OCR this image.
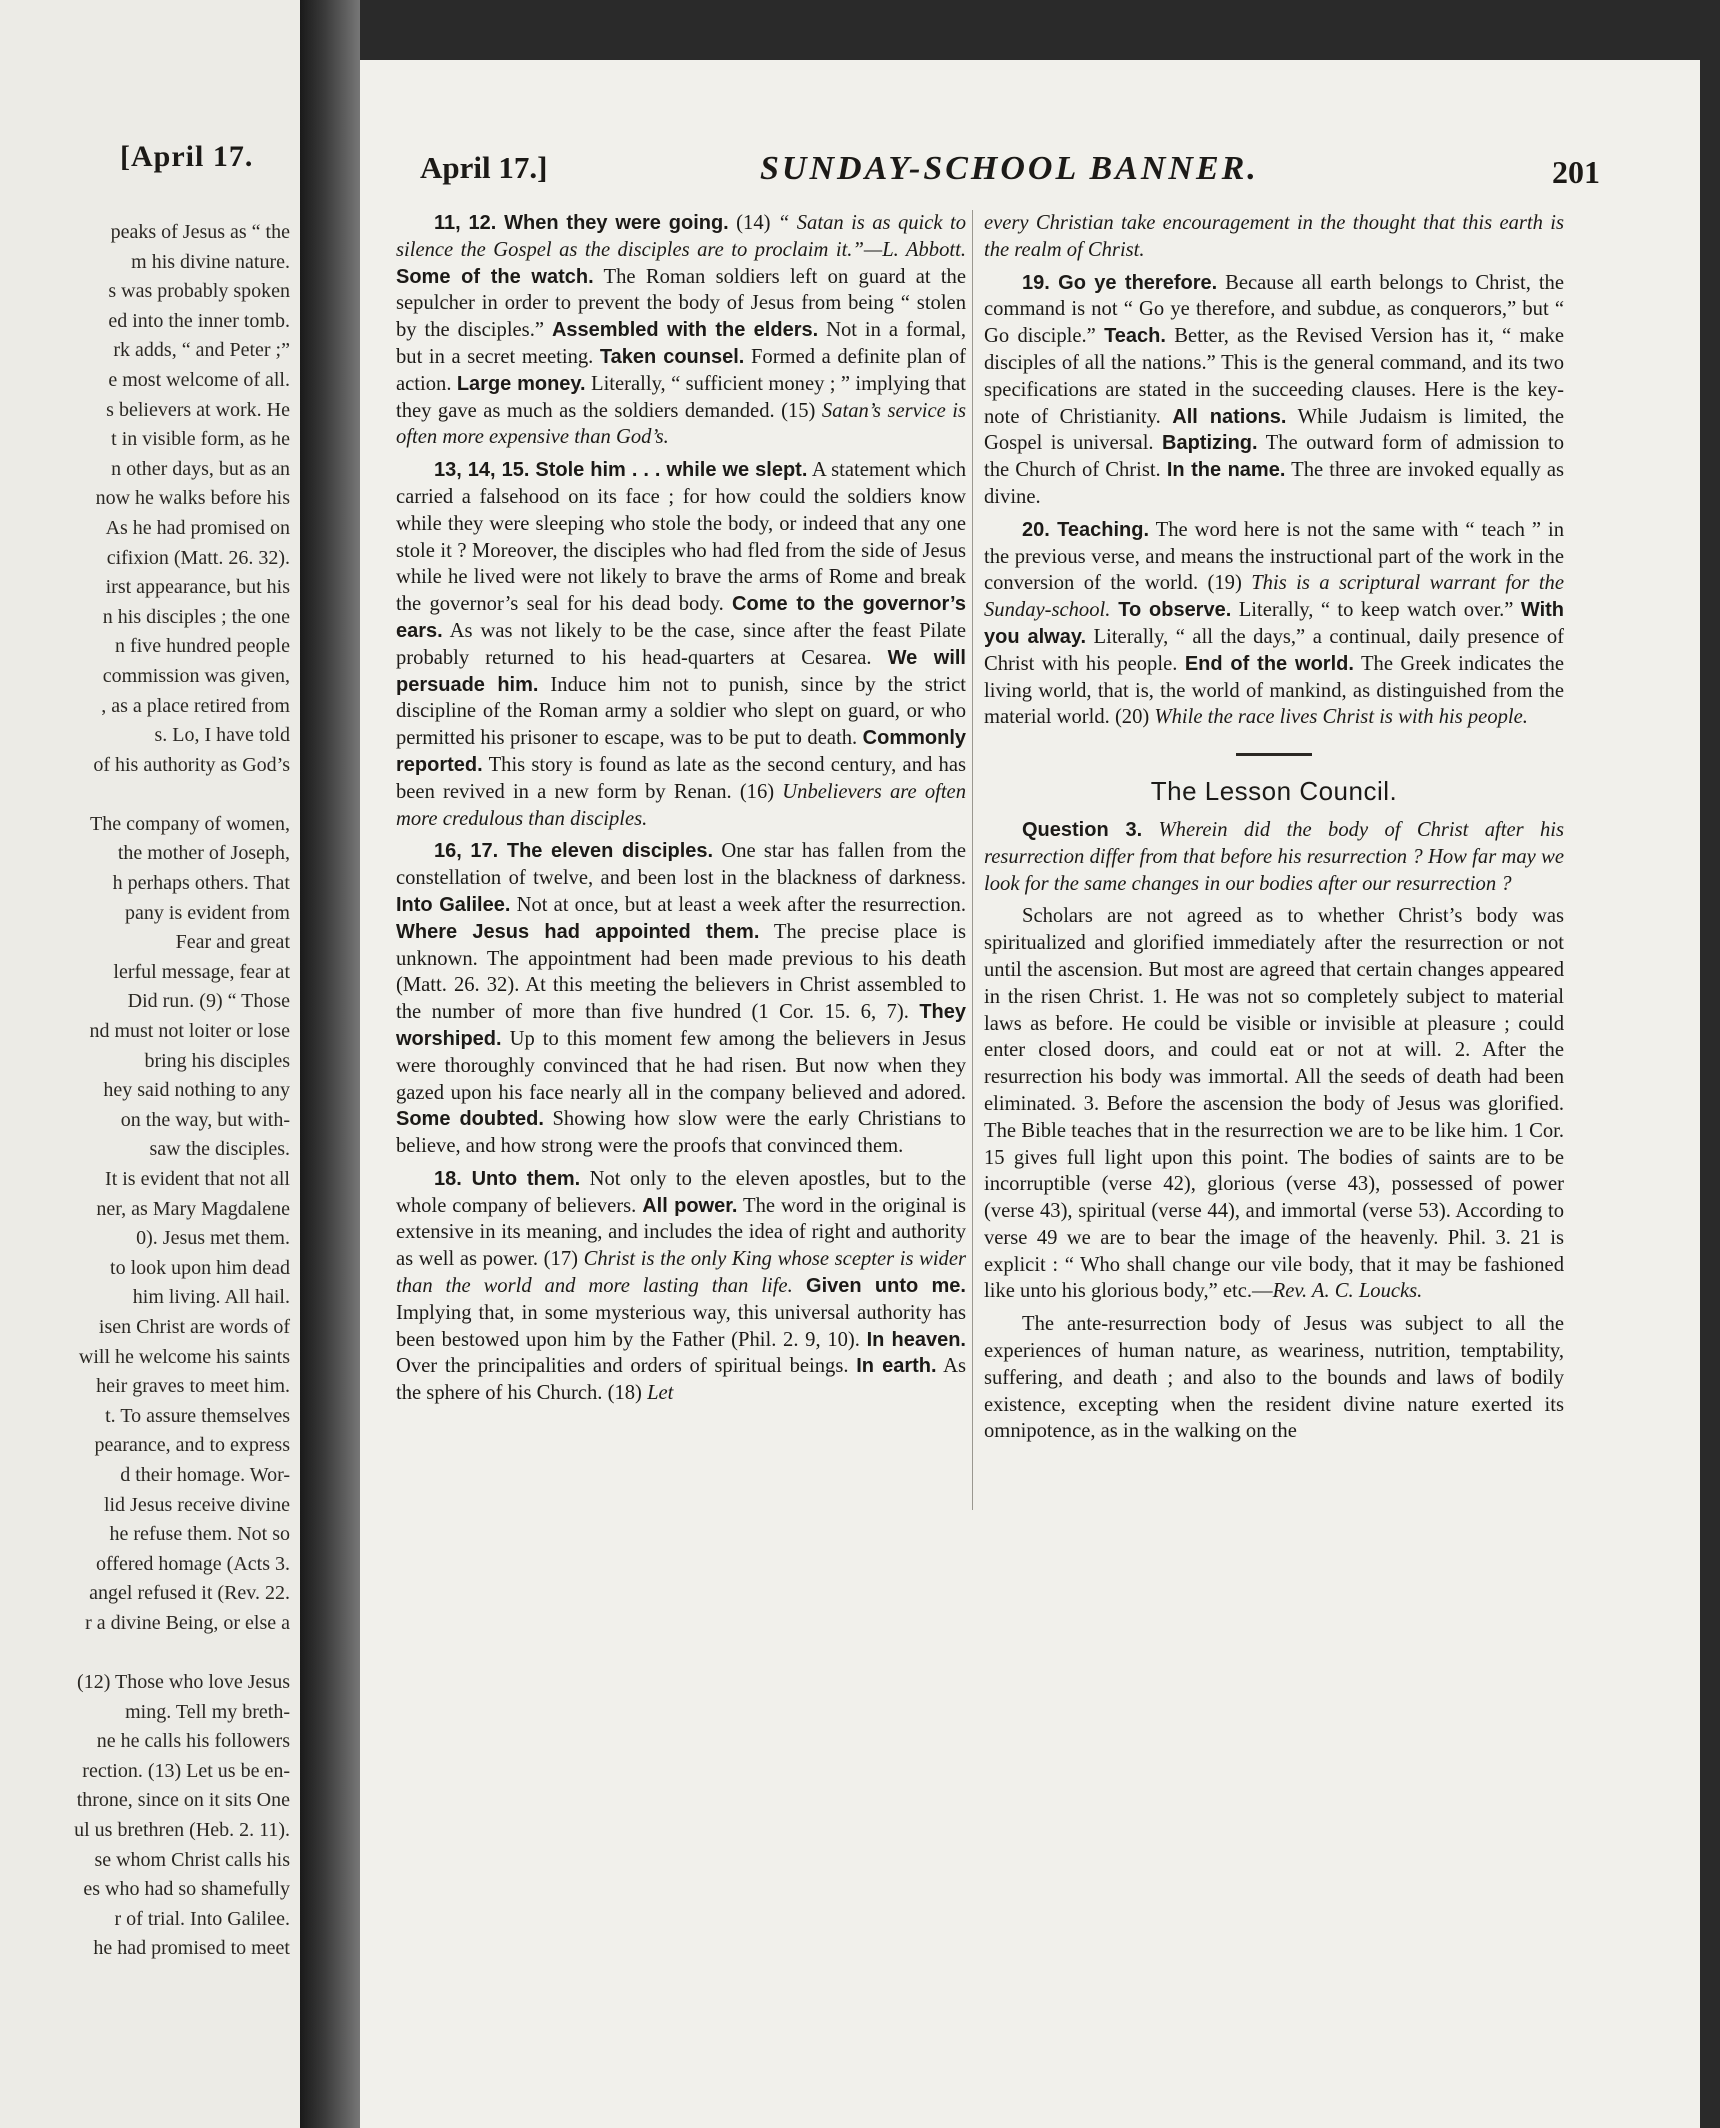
[April 17.
peaks of Jesus as “ the
m his divine nature.
s was probably spoken
ed into the inner tomb.
rk adds, “ and Peter ;”
e most welcome of all.
s believers at work. He
t in visible form, as he
n other days, but as an
now he walks before his
As he had promised on
cifixion (Matt. 26. 32).
irst appearance, but his
n his disciples ; the one
n five hundred people
commission was given,
, as a place retired from
s. Lo, I have told
of his authority as God’s
The company of women,
the mother of Joseph,
h perhaps others. That
pany is evident from
Fear and great
lerful message, fear at
Did run. (9) “ Those
nd must not loiter or lose
bring his disciples
hey said nothing to any
on the way, but with-
saw the disciples.
It is evident that not all
ner, as Mary Magdalene
0). Jesus met them.
to look upon him dead
him living. All hail.
isen Christ are words of
will he welcome his saints
heir graves to meet him.
t. To assure themselves
pearance, and to express
d their homage. Wor-
lid Jesus receive divine
he refuse them. Not so
offered homage (Acts 3.
angel refused it (Rev. 22.
r a divine Being, or else a
(12) Those who love Jesus
ming. Tell my breth-
ne he calls his followers
rection. (13) Let us be en-
throne, since on it sits One
ul us brethren (Heb. 2. 11).
se whom Christ calls his
es who had so shamefully
r of trial. Into Galilee.
he had promised to meet
April 17.]	SUNDAY-SCHOOL BANNER.	201

11, 12. When they were going. (14) “ Satan is as quick to silence the Gospel as the disciples are to proclaim it.”—L. Abbott. Some of the watch. The Roman soldiers left on guard at the sepulcher in order to prevent the body of Jesus from being “ stolen by the disciples.” Assembled with the elders. Not in a formal, but in a secret meeting. Taken counsel. Formed a definite plan of action. Large money. Literally, “ sufficient money ; ” implying that they gave as much as the soldiers demanded. (15) Satan’s service is often more expensive than God’s.

13, 14, 15. Stole him . . . while we slept. A statement which carried a falsehood on its face ; for how could the soldiers know while they were sleeping who stole the body, or indeed that any one stole it ? Moreover, the disciples who had fled from the side of Jesus while he lived were not likely to brave the arms of Rome and break the governor’s seal for his dead body. Come to the governor’s ears. As was not likely to be the case, since after the feast Pilate probably returned to his head-quarters at Cesarea. We will persuade him. Induce him not to punish, since by the strict discipline of the Roman army a soldier who slept on guard, or who permitted his prisoner to escape, was to be put to death. Commonly reported. This story is found as late as the second century, and has been revived in a new form by Renan. (16) Unbelievers are often more credulous than disciples.

16, 17. The eleven disciples. One star has fallen from the constellation of twelve, and been lost in the blackness of darkness. Into Galilee. Not at once, but at least a week after the resurrection. Where Jesus had appointed them. The precise place is unknown. The appointment had been made previous to his death (Matt. 26. 32). At this meeting the believers in Christ assembled to the number of more than five hundred (1 Cor. 15. 6, 7). They worshiped. Up to this moment few among the believers in Jesus were thoroughly convinced that he had risen. But now when they gazed upon his face nearly all in the company believed and adored. Some doubted. Showing how slow were the early Christians to believe, and how strong were the proofs that convinced them.

18. Unto them. Not only to the eleven apostles, but to the whole company of believers. All power. The word in the original is extensive in its meaning, and includes the idea of right and authority as well as power. (17) Christ is the only King whose scepter is wider than the world and more lasting than life. Given unto me. Implying that, in some mysterious way, this universal authority has been bestowed upon him by the Father (Phil. 2. 9, 10). In heaven. Over the principalities and orders of spiritual beings. In earth. As the sphere of his Church. (18) Let

every Christian take encouragement in the thought that this earth is the realm of Christ.

19. Go ye therefore. Because all earth belongs to Christ, the command is not “ Go ye therefore, and subdue, as conquerors,” but “ Go disciple.” Teach. Better, as the Revised Version has it, “ make disciples of all the nations.” This is the general command, and its two specifications are stated in the succeeding clauses. Here is the key-note of Christianity. All nations. While Judaism is limited, the Gospel is universal. Baptizing. The outward form of admission to the Church of Christ. In the name. The three are invoked equally as divine.

20. Teaching. The word here is not the same with “ teach ” in the previous verse, and means the instructional part of the work in the conversion of the world. (19) This is a scriptural warrant for the Sunday-school. To observe. Literally, “ to keep watch over.” With you alway. Literally, “ all the days,” a continual, daily presence of Christ with his people. End of the world. The Greek indicates the living world, that is, the world of mankind, as distinguished from the material world. (20) While the race lives Christ is with his people.

The Lesson Council.

Question 3. Wherein did the body of Christ after his resurrection differ from that before his resurrection ? How far may we look for the same changes in our bodies after our resurrection ?

Scholars are not agreed as to whether Christ’s body was spiritualized and glorified immediately after the resurrection or not until the ascension. But most are agreed that certain changes appeared in the risen Christ. 1. He was not so completely subject to material laws as before. He could be visible or invisible at pleasure ; could enter closed doors, and could eat or not at will. 2. After the resurrection his body was immortal. All the seeds of death had been eliminated. 3. Before the ascension the body of Jesus was glorified. The Bible teaches that in the resurrection we are to be like him. 1 Cor. 15 gives full light upon this point. The bodies of saints are to be incorruptible (verse 42), glorious (verse 43), possessed of power (verse 43), spiritual (verse 44), and immortal (verse 53). According to verse 49 we are to bear the image of the heavenly. Phil. 3. 21 is explicit : “ Who shall change our vile body, that it may be fashioned like unto his glorious body,” etc.—Rev. A. C. Loucks.

The ante-resurrection body of Jesus was subject to all the experiences of human nature, as weariness, nutrition, temptability, suffering, and death ; and also to the bounds and laws of bodily existence, excepting when the resident divine nature exerted its omnipotence, as in the walking on the
